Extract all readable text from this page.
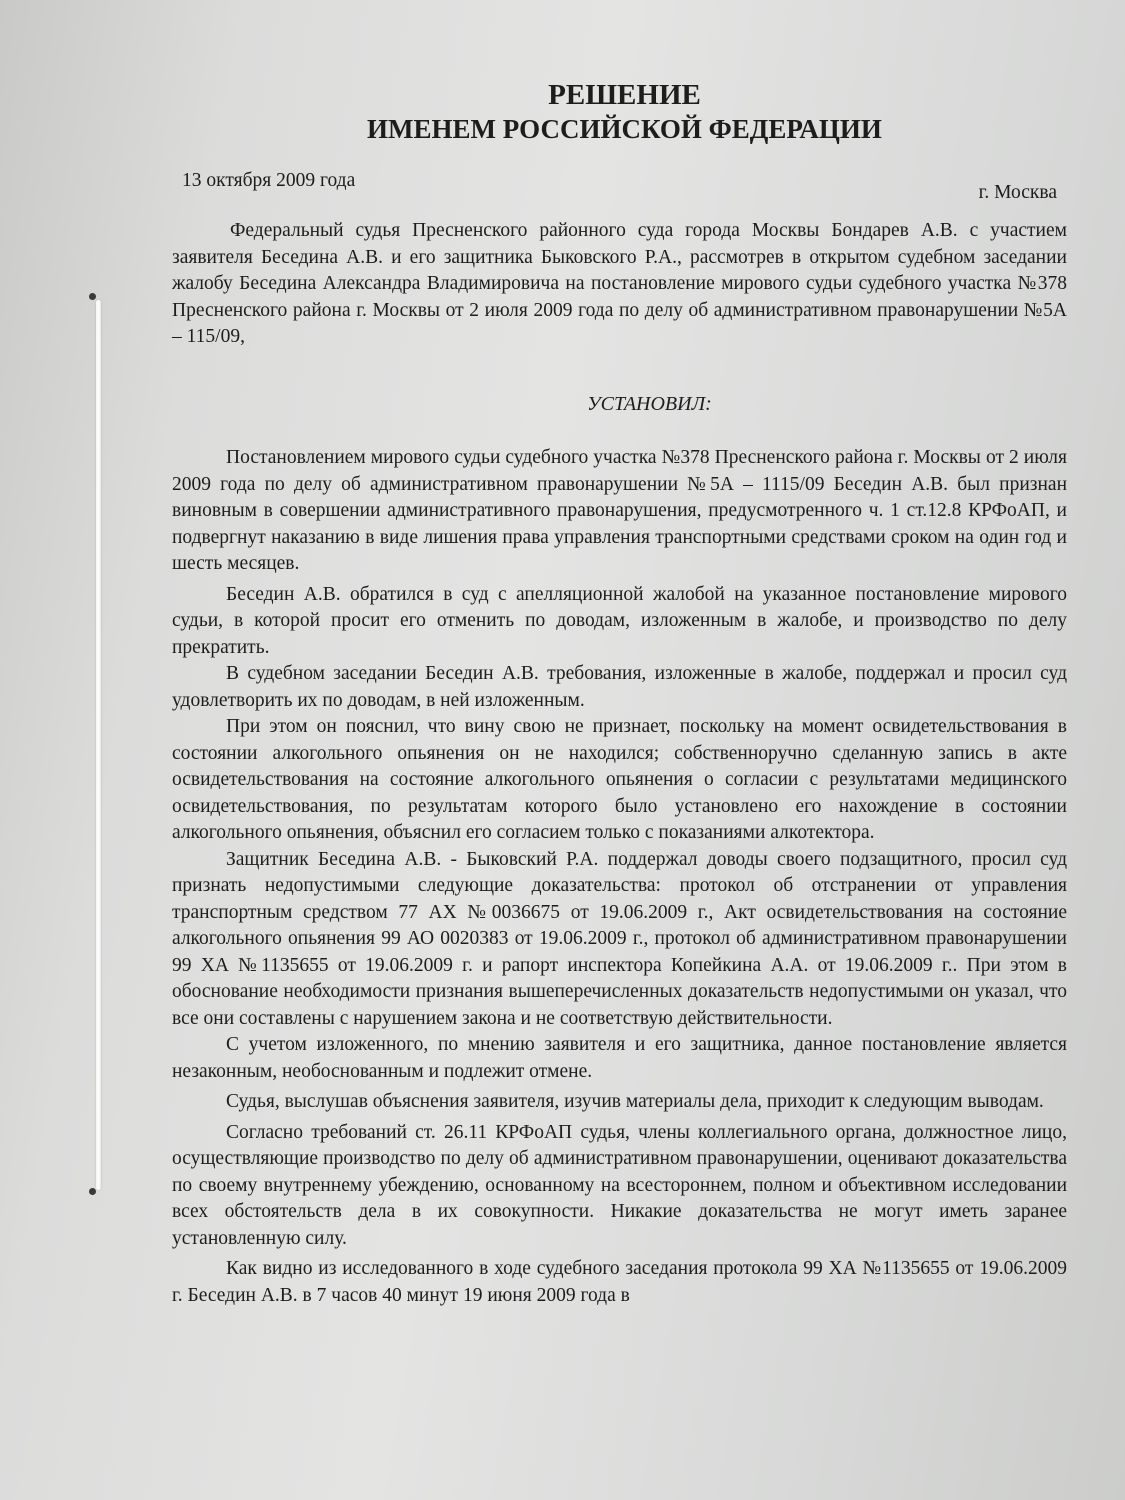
РЕШЕНИЕ
ИМЕНЕМ РОССИЙСКОЙ ФЕДЕРАЦИИ
13 октября 2009 года
г. Москва

Федеральный судья Пресненского районного суда города Москвы Бондарев А.В. с участием заявителя Беседина А.В. и его защитника Быковского Р.А., рассмотрев в открытом судебном заседании жалобу Беседина Александра Владимировича на постановление мирового судьи судебного участка №378 Пресненского района г. Москвы от 2 июля 2009 года по делу об административном правонарушении №5А – 115/09,

УСТАНОВИЛ:

Постановлением мирового судьи судебного участка №378 Пресненского района г. Москвы от 2 июля 2009 года по делу об административном правонарушении №5А – 1115/09 Беседин А.В. был признан виновным в совершении административного правонарушения, предусмотренного ч. 1 ст.12.8 КРФоАП, и подвергнут наказанию в виде лишения права управления транспортными средствами сроком на один год и шесть месяцев.

Беседин А.В. обратился в суд с апелляционной жалобой на указанное постановление мирового судьи, в которой просит его отменить по доводам, изложенным в жалобе, и производство по делу прекратить.

В судебном заседании Беседин А.В. требования, изложенные в жалобе, поддержал и просил суд удовлетворить их по доводам, в ней изложенным.

При этом он пояснил, что вину свою не признает, поскольку на момент освидетельствования в состоянии алкогольного опьянения он не находился; собственноручно сделанную запись в акте освидетельствования на состояние алкогольного опьянения о согласии с результатами медицинского освидетельствования, по результатам которого было установлено его нахождение в состоянии алкогольного опьянения, объяснил его согласием только с показаниями алкотектора.

Защитник Беседина А.В. - Быковский Р.А. поддержал доводы своего подзащитного, просил суд признать недопустимыми следующие доказательства: протокол об отстранении от управления транспортным средством 77 АХ №0036675 от 19.06.2009 г., Акт освидетельствования на состояние алкогольного опьянения 99 АО 0020383 от 19.06.2009 г., протокол об административном правонарушении 99 ХА №1135655 от 19.06.2009 г. и рапорт инспектора Копейкина А.А. от 19.06.2009 г.. При этом в обоснование необходимости признания вышеперечисленных доказательств недопустимыми он указал, что все они составлены с нарушением закона и не соответствую действительности.

С учетом изложенного, по мнению заявителя и его защитника, данное постановление является незаконным, необоснованным и подлежит отмене.

Судья, выслушав объяснения заявителя, изучив материалы дела, приходит к следующим выводам.

Согласно требований ст. 26.11 КРФоАП судья, члены коллегиального органа, должностное лицо, осуществляющие производство по делу об административном правонарушении, оценивают доказательства по своему внутреннему убеждению, основанному на всестороннем, полном и объективном исследовании всех обстоятельств дела в их совокупности. Никакие доказательства не могут иметь заранее установленную силу.

Как видно из исследованного в ходе судебного заседания протокола 99 ХА №1135655 от 19.06.2009 г. Беседин А.В. в 7 часов 40 минут 19 июня 2009 года в
